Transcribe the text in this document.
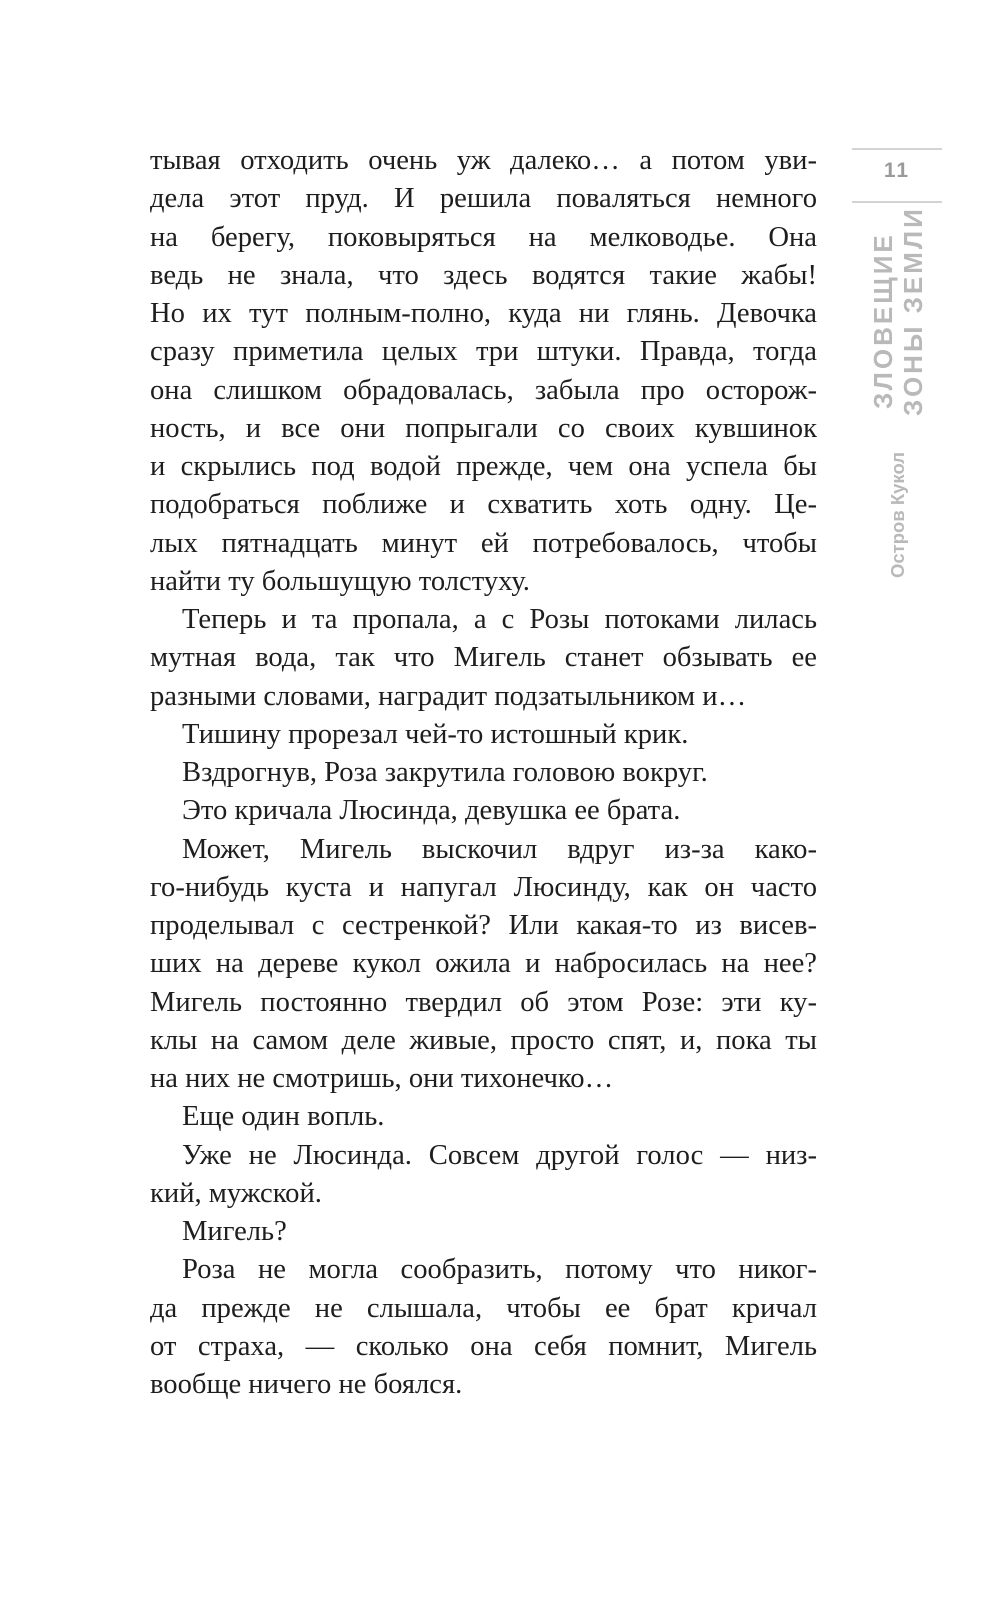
11
ЗЛОВЕЩИЕ ЗОНЫ ЗЕМЛИ
Остров Кукол
тывая отходить очень уж далеко… а потом уви-
дела этот пруд. И решила поваляться немного
на берегу, поковыряться на мелководье. Она
ведь не знала, что здесь водятся такие жабы!
Но их тут полным-полно, куда ни глянь. Девочка
сразу приметила целых три штуки. Правда, тогда
она слишком обрадовалась, забыла про осторож-
ность, и все они попрыгали со своих кувшинок
и скрылись под водой прежде, чем она успела бы
подобраться поближе и схватить хоть одну. Це-
лых пятнадцать минут ей потребовалось, чтобы
найти ту большущую толстуху.
Теперь и та пропала, а с Розы потоками лилась
мутная вода, так что Мигель станет обзывать ее
разными словами, наградит подзатыльником и…
Тишину прорезал чей-то истошный крик.
Вздрогнув, Роза закрутила головою вокруг.
Это кричала Люсинда, девушка ее брата.
Может, Мигель выскочил вдруг из-за како-
го-нибудь куста и напугал Люсинду, как он часто
проделывал с сестренкой? Или какая-то из висев-
ших на дереве кукол ожила и набросилась на нее?
Мигель постоянно твердил об этом Розе: эти ку-
клы на самом деле живые, просто спят, и, пока ты
на них не смотришь, они тихонечко…
Еще один вопль.
Уже не Люсинда. Совсем другой голос — низ-
кий, мужской.
Мигель?
Роза не могла сообразить, потому что никог-
да прежде не слышала, чтобы ее брат кричал
от страха, — сколько она себя помнит, Мигель
вообще ничего не боялся.
